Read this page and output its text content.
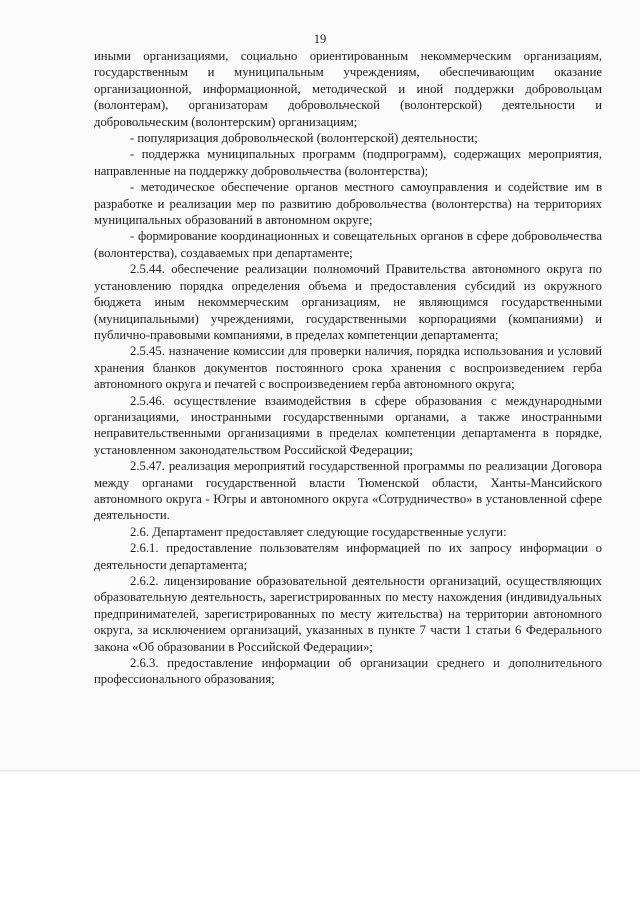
19

иными организациями, социально ориентированным некоммерческим организациям, государственным и муниципальным учреждениям, обеспечивающим оказание организационной, информационной, методической и иной поддержки добровольцам (волонтерам), организаторам добровольческой (волонтерской) деятельности и добровольческим (волонтерским) организациям;

- популяризация добровольческой (волонтерской) деятельности;

- поддержка муниципальных программ (подпрограмм), содержащих мероприятия, направленные на поддержку добровольчества (волонтерства);

- методическое обеспечение органов местного самоуправления и содействие им в разработке и реализации мер по развитию добровольчества (волонтерства) на территориях муниципальных образований в автономном округе;

- формирование координационных и совещательных органов в сфере добровольчества (волонтерства), создаваемых при департаменте;

2.5.44. обеспечение реализации полномочий Правительства автономного округа по установлению порядка определения объема и предоставления субсидий из окружного бюджета иным некоммерческим организациям, не являющимся государственными (муниципальными) учреждениями, государственными корпорациями (компаниями) и публично-правовыми компаниями, в пределах компетенции департамента;

2.5.45. назначение комиссии для проверки наличия, порядка использования и условий хранения бланков документов постоянного срока хранения с воспроизведением герба автономного округа и печатей с воспроизведением герба автономного округа;

2.5.46. осуществление взаимодействия в сфере образования с международными организациями, иностранными государственными органами, а также иностранными неправительственными организациями в пределах компетенции департамента в порядке, установленном законодательством Российской Федерации;

2.5.47. реализация мероприятий государственной программы по реализации Договора между органами государственной власти Тюменской области, Ханты-Мансийского автономного округа - Югры и автономного округа «Сотрудничество» в установленной сфере деятельности.

2.6. Департамент предоставляет следующие государственные услуги:

2.6.1. предоставление пользователям информацией по их запросу информации о деятельности департамента;

2.6.2. лицензирование образовательной деятельности организаций, осуществляющих образовательную деятельность, зарегистрированных по месту нахождения (индивидуальных предпринимателей, зарегистрированных по месту жительства) на территории автономного округа, за исключением организаций, указанных в пункте 7 части 1 статьи 6 Федерального закона «Об образовании в Российской Федерации»;

2.6.3. предоставление информации об организации среднего и дополнительного профессионального образования;
